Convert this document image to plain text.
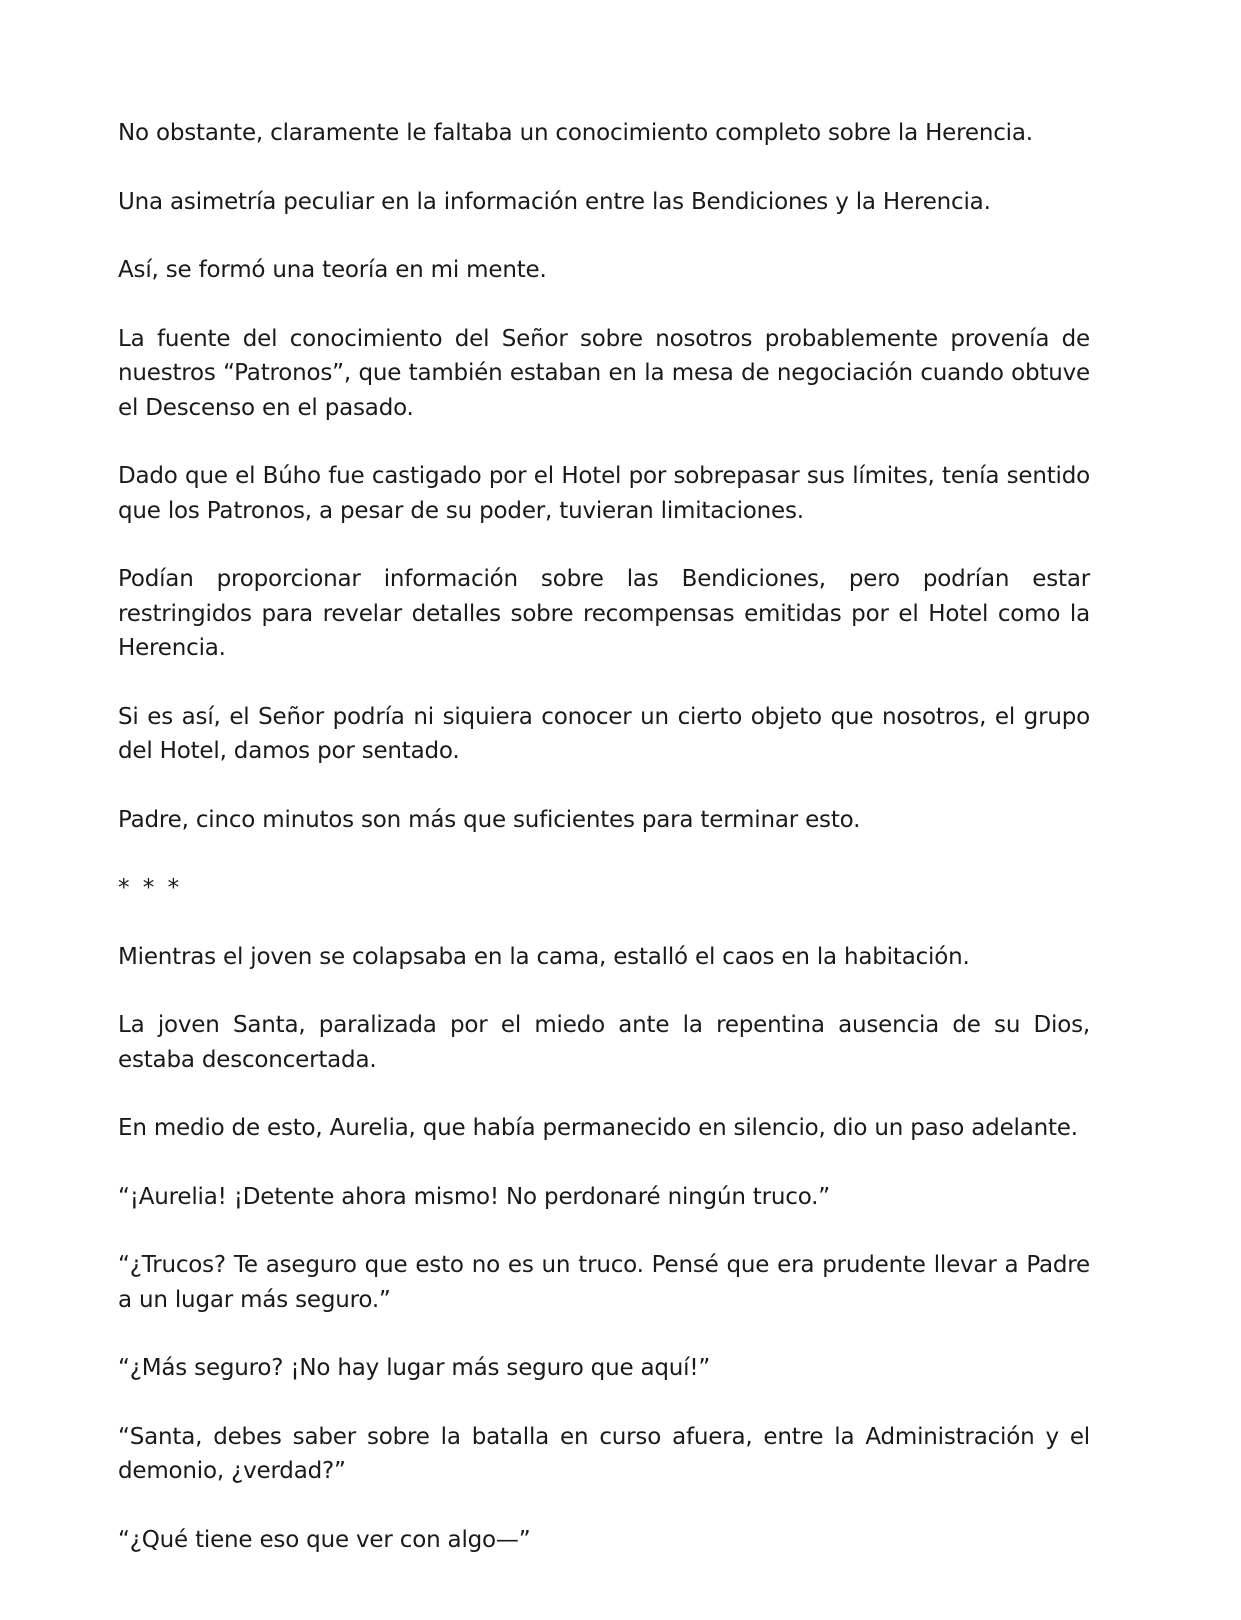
No obstante, claramente le faltaba un conocimiento completo sobre la Herencia.

Una asimetría peculiar en la información entre las Bendiciones y la Herencia.

Así, se formó una teoría en mi mente.

La fuente del conocimiento del Señor sobre nosotros probablemente provenía de nuestros “Patronos”, que también estaban en la mesa de negociación cuando obtuve el Descenso en el pasado.

Dado que el Búho fue castigado por el Hotel por sobrepasar sus límites, tenía sentido que los Patronos, a pesar de su poder, tuvieran limitaciones.

Podían proporcionar información sobre las Bendiciones, pero podrían estar restringidos para revelar detalles sobre recompensas emitidas por el Hotel como la Herencia.

Si es así, el Señor podría ni siquiera conocer un cierto objeto que nosotros, el grupo del Hotel, damos por sentado.

Padre, cinco minutos son más que suficientes para terminar esto.

* * *

Mientras el joven se colapsaba en la cama, estalló el caos en la habitación.

La joven Santa, paralizada por el miedo ante la repentina ausencia de su Dios, estaba desconcertada.

En medio de esto, Aurelia, que había permanecido en silencio, dio un paso adelante.

“¡Aurelia! ¡Detente ahora mismo! No perdonaré ningún truco.”

“¿Trucos? Te aseguro que esto no es un truco. Pensé que era prudente llevar a Padre a un lugar más seguro.”

“¿Más seguro? ¡No hay lugar más seguro que aquí!”

“Santa, debes saber sobre la batalla en curso afuera, entre la Administración y el demonio, ¿verdad?”

“¿Qué tiene eso que ver con algo—”
